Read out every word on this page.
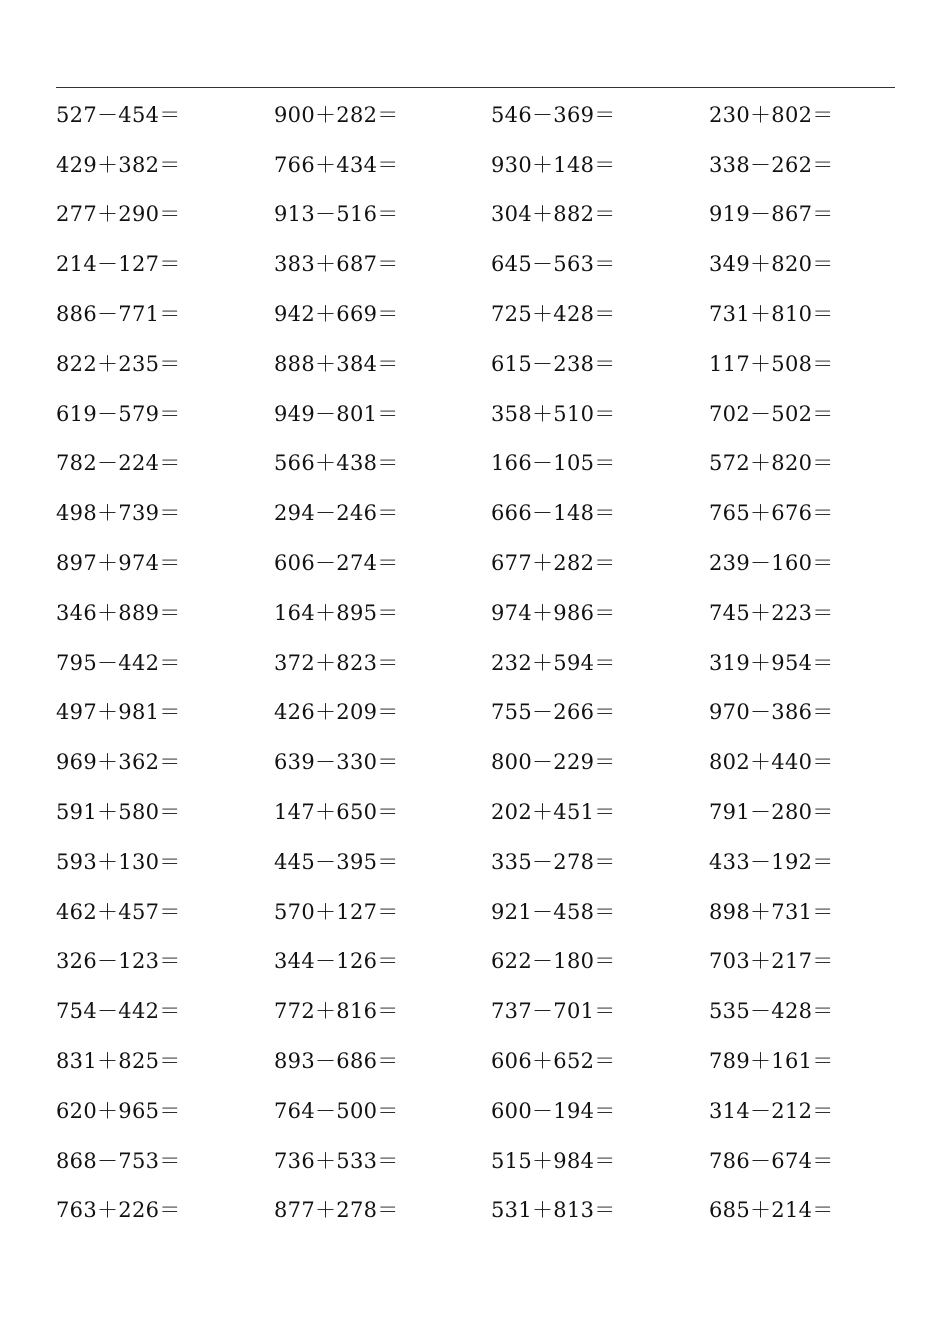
527－454＝	900＋282＝	546－369＝	230＋802＝
429＋382＝	766＋434＝	930＋148＝	338－262＝
277＋290＝	913－516＝	304＋882＝	919－867＝
214－127＝	383＋687＝	645－563＝	349＋820＝
886－771＝	942＋669＝	725＋428＝	731＋810＝
822＋235＝	888＋384＝	615－238＝	117＋508＝
619－579＝	949－801＝	358＋510＝	702－502＝
782－224＝	566＋438＝	166－105＝	572＋820＝
498＋739＝	294－246＝	666－148＝	765＋676＝
897＋974＝	606－274＝	677＋282＝	239－160＝
346＋889＝	164＋895＝	974＋986＝	745＋223＝
795－442＝	372＋823＝	232＋594＝	319＋954＝
497＋981＝	426＋209＝	755－266＝	970－386＝
969＋362＝	639－330＝	800－229＝	802＋440＝
591＋580＝	147＋650＝	202＋451＝	791－280＝
593＋130＝	445－395＝	335－278＝	433－192＝
462＋457＝	570＋127＝	921－458＝	898＋731＝
326－123＝	344－126＝	622－180＝	703＋217＝
754－442＝	772＋816＝	737－701＝	535－428＝
831＋825＝	893－686＝	606＋652＝	789＋161＝
620＋965＝	764－500＝	600－194＝	314－212＝
868－753＝	736＋533＝	515＋984＝	786－674＝
763＋226＝	877＋278＝	531＋813＝	685＋214＝
